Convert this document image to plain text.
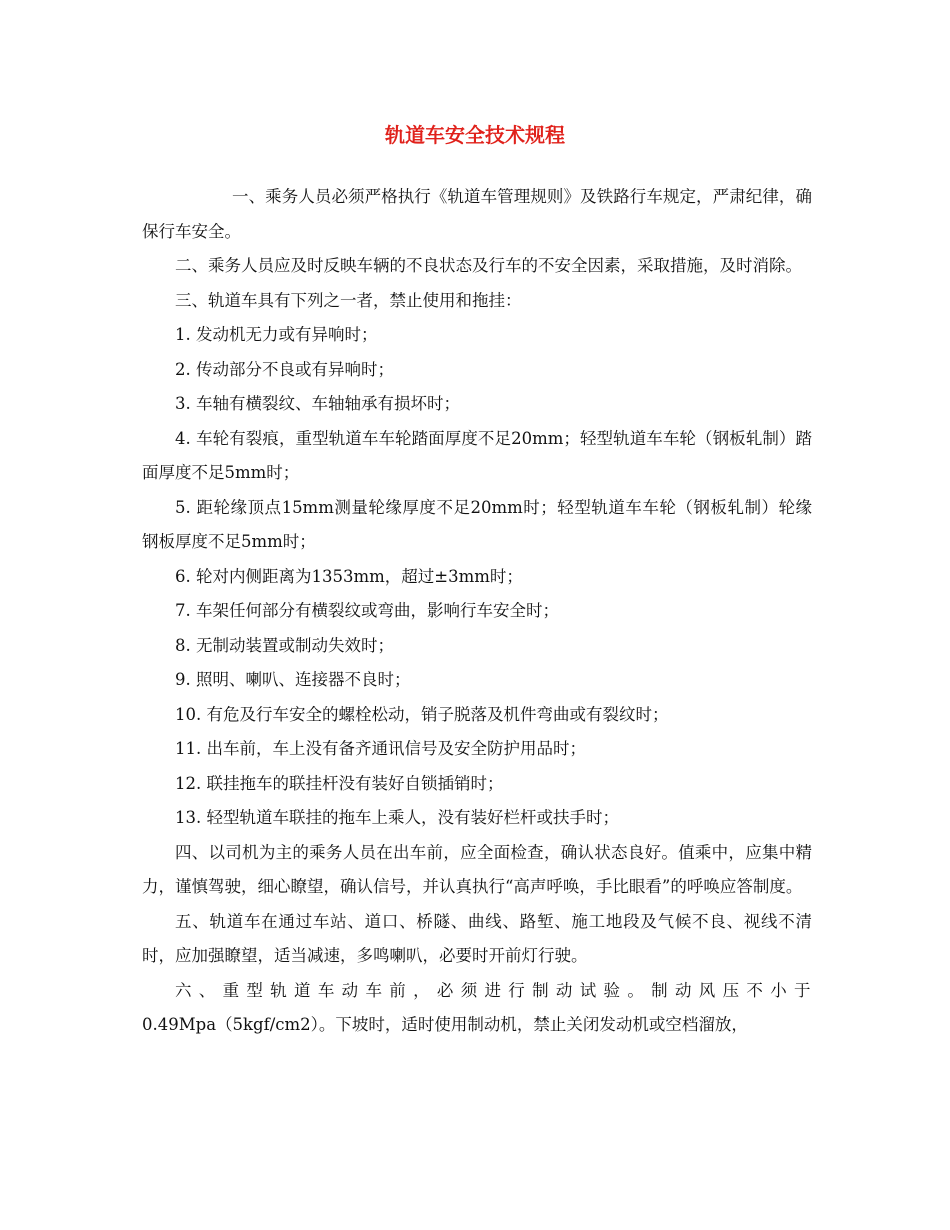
轨道车安全技术规程

一、乘务人员必须严格执行《轨道车管理规则》及铁路行车规定，严肃纪律，确保行车安全。

二、乘务人员应及时反映车辆的不良状态及行车的不安全因素，采取措施，及时消除。

三、轨道车具有下列之一者，禁止使用和拖挂：

1. 发动机无力或有异响时；

2. 传动部分不良或有异响时；

3. 车轴有横裂纹、车轴轴承有损坏时；

4. 车轮有裂痕，重型轨道车车轮踏面厚度不足20mm；轻型轨道车车轮（钢板轧制）踏面厚度不足5mm时；

5. 距轮缘顶点15mm测量轮缘厚度不足20mm时；轻型轨道车车轮（钢板轧制）轮缘钢板厚度不足5mm时；

6. 轮对内侧距离为1353mm，超过±3mm时；

7. 车架任何部分有横裂纹或弯曲，影响行车安全时；

8. 无制动装置或制动失效时；

9. 照明、喇叭、连接器不良时；

10. 有危及行车安全的螺栓松动，销子脱落及机件弯曲或有裂纹时；

11. 出车前，车上没有备齐通讯信号及安全防护用品时；

12. 联挂拖车的联挂杆没有装好自锁插销时；

13. 轻型轨道车联挂的拖车上乘人，没有装好栏杆或扶手时；

四、以司机为主的乘务人员在出车前，应全面检查，确认状态良好。值乘中，应集中精力，谨慎驾驶，细心瞭望，确认信号，并认真执行“高声呼唤，手比眼看”的呼唤应答制度。

五、轨道车在通过车站、道口、桥隧、曲线、路堑、施工地段及气候不良、视线不清时，应加强瞭望，适当减速，多鸣喇叭，必要时开前灯行驶。

六、重型轨道车动车前，必须进行制动试验。制动风压不小于

0.49Mpa（5kgf/cm2）。下坡时，适时使用制动机，禁止关闭发动机或空档溜放，
